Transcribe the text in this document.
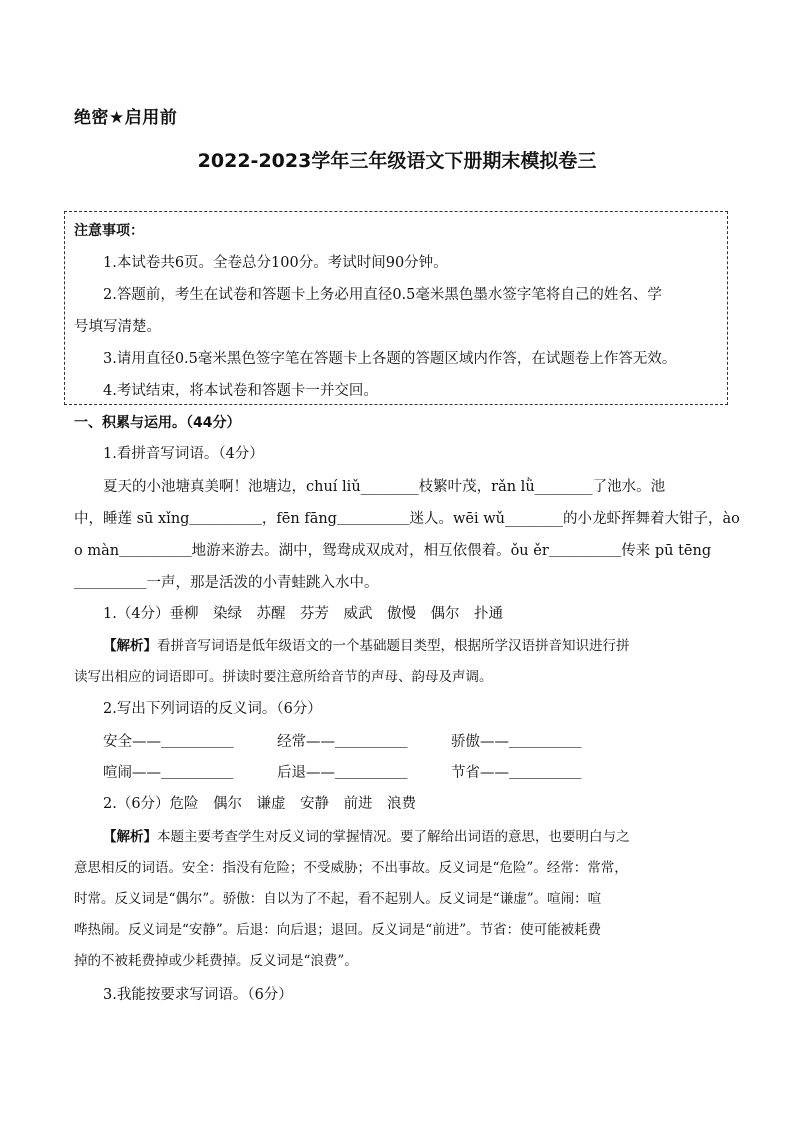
绝密★启用前
2022-2023学年三年级语文下册期末模拟卷三
注意事项：
1.本试卷共6页。全卷总分100分。考试时间90分钟。
2.答题前，考生在试卷和答题卡上务必用直径0.5毫米黑色墨水签字笔将自己的姓名、学
号填写清楚。
3.请用直径0.5毫米黑色签字笔在答题卡上各题的答题区域内作答，在试题卷上作答无效。
4.考试结束，将本试卷和答题卡一并交回。
一、积累与运用。（44分）
1.看拼音写词语。（4分）
夏天的小池塘真美啊！池塘边，chuí liǔ________枝繁叶茂，rǎn lǜ________了池水。池
中，睡莲 sū xǐng＿＿＿＿＿，fēn fāng＿＿＿＿＿迷人。wēi wǔ________的小龙虾挥舞着大钳子，ào
o màn＿＿＿＿＿地游来游去。湖中，鸳鸯成双成对，相互依偎着。ǒu ěr＿＿＿＿＿传来 pū tēng
＿＿＿＿＿一声，那是活泼的小青蛙跳入水中。
1.（4分）垂柳　染绿　苏醒　芬芳　威武　傲慢　偶尔　扑通
【解析】看拼音写词语是低年级语文的一个基础题目类型，根据所学汉语拼音知识进行拼
读写出相应的词语即可。拼读时要注意所给音节的声母、韵母及声调。
2.写出下列词语的反义词。（6分）
安全——＿＿＿＿＿　　　经常——＿＿＿＿＿　　　骄傲——＿＿＿＿＿
喧闹——＿＿＿＿＿　　　后退——＿＿＿＿＿　　　节省——＿＿＿＿＿
2.（6分）危险　偶尔　谦虚　安静　前进　浪费
【解析】本题主要考查学生对反义词的掌握情况。要了解给出词语的意思，也要明白与之
意思相反的词语。安全：指没有危险；不受威胁；不出事故。反义词是“危险”。经常：常常，
时常。反义词是“偶尔”。骄傲：自以为了不起，看不起别人。反义词是“谦虚”。喧闹：喧
哗热闹。反义词是“安静”。后退：向后退；退回。反义词是“前进”。节省：使可能被耗费
掉的不被耗费掉或少耗费掉。反义词是“浪费”。
3.我能按要求写词语。（6分）
